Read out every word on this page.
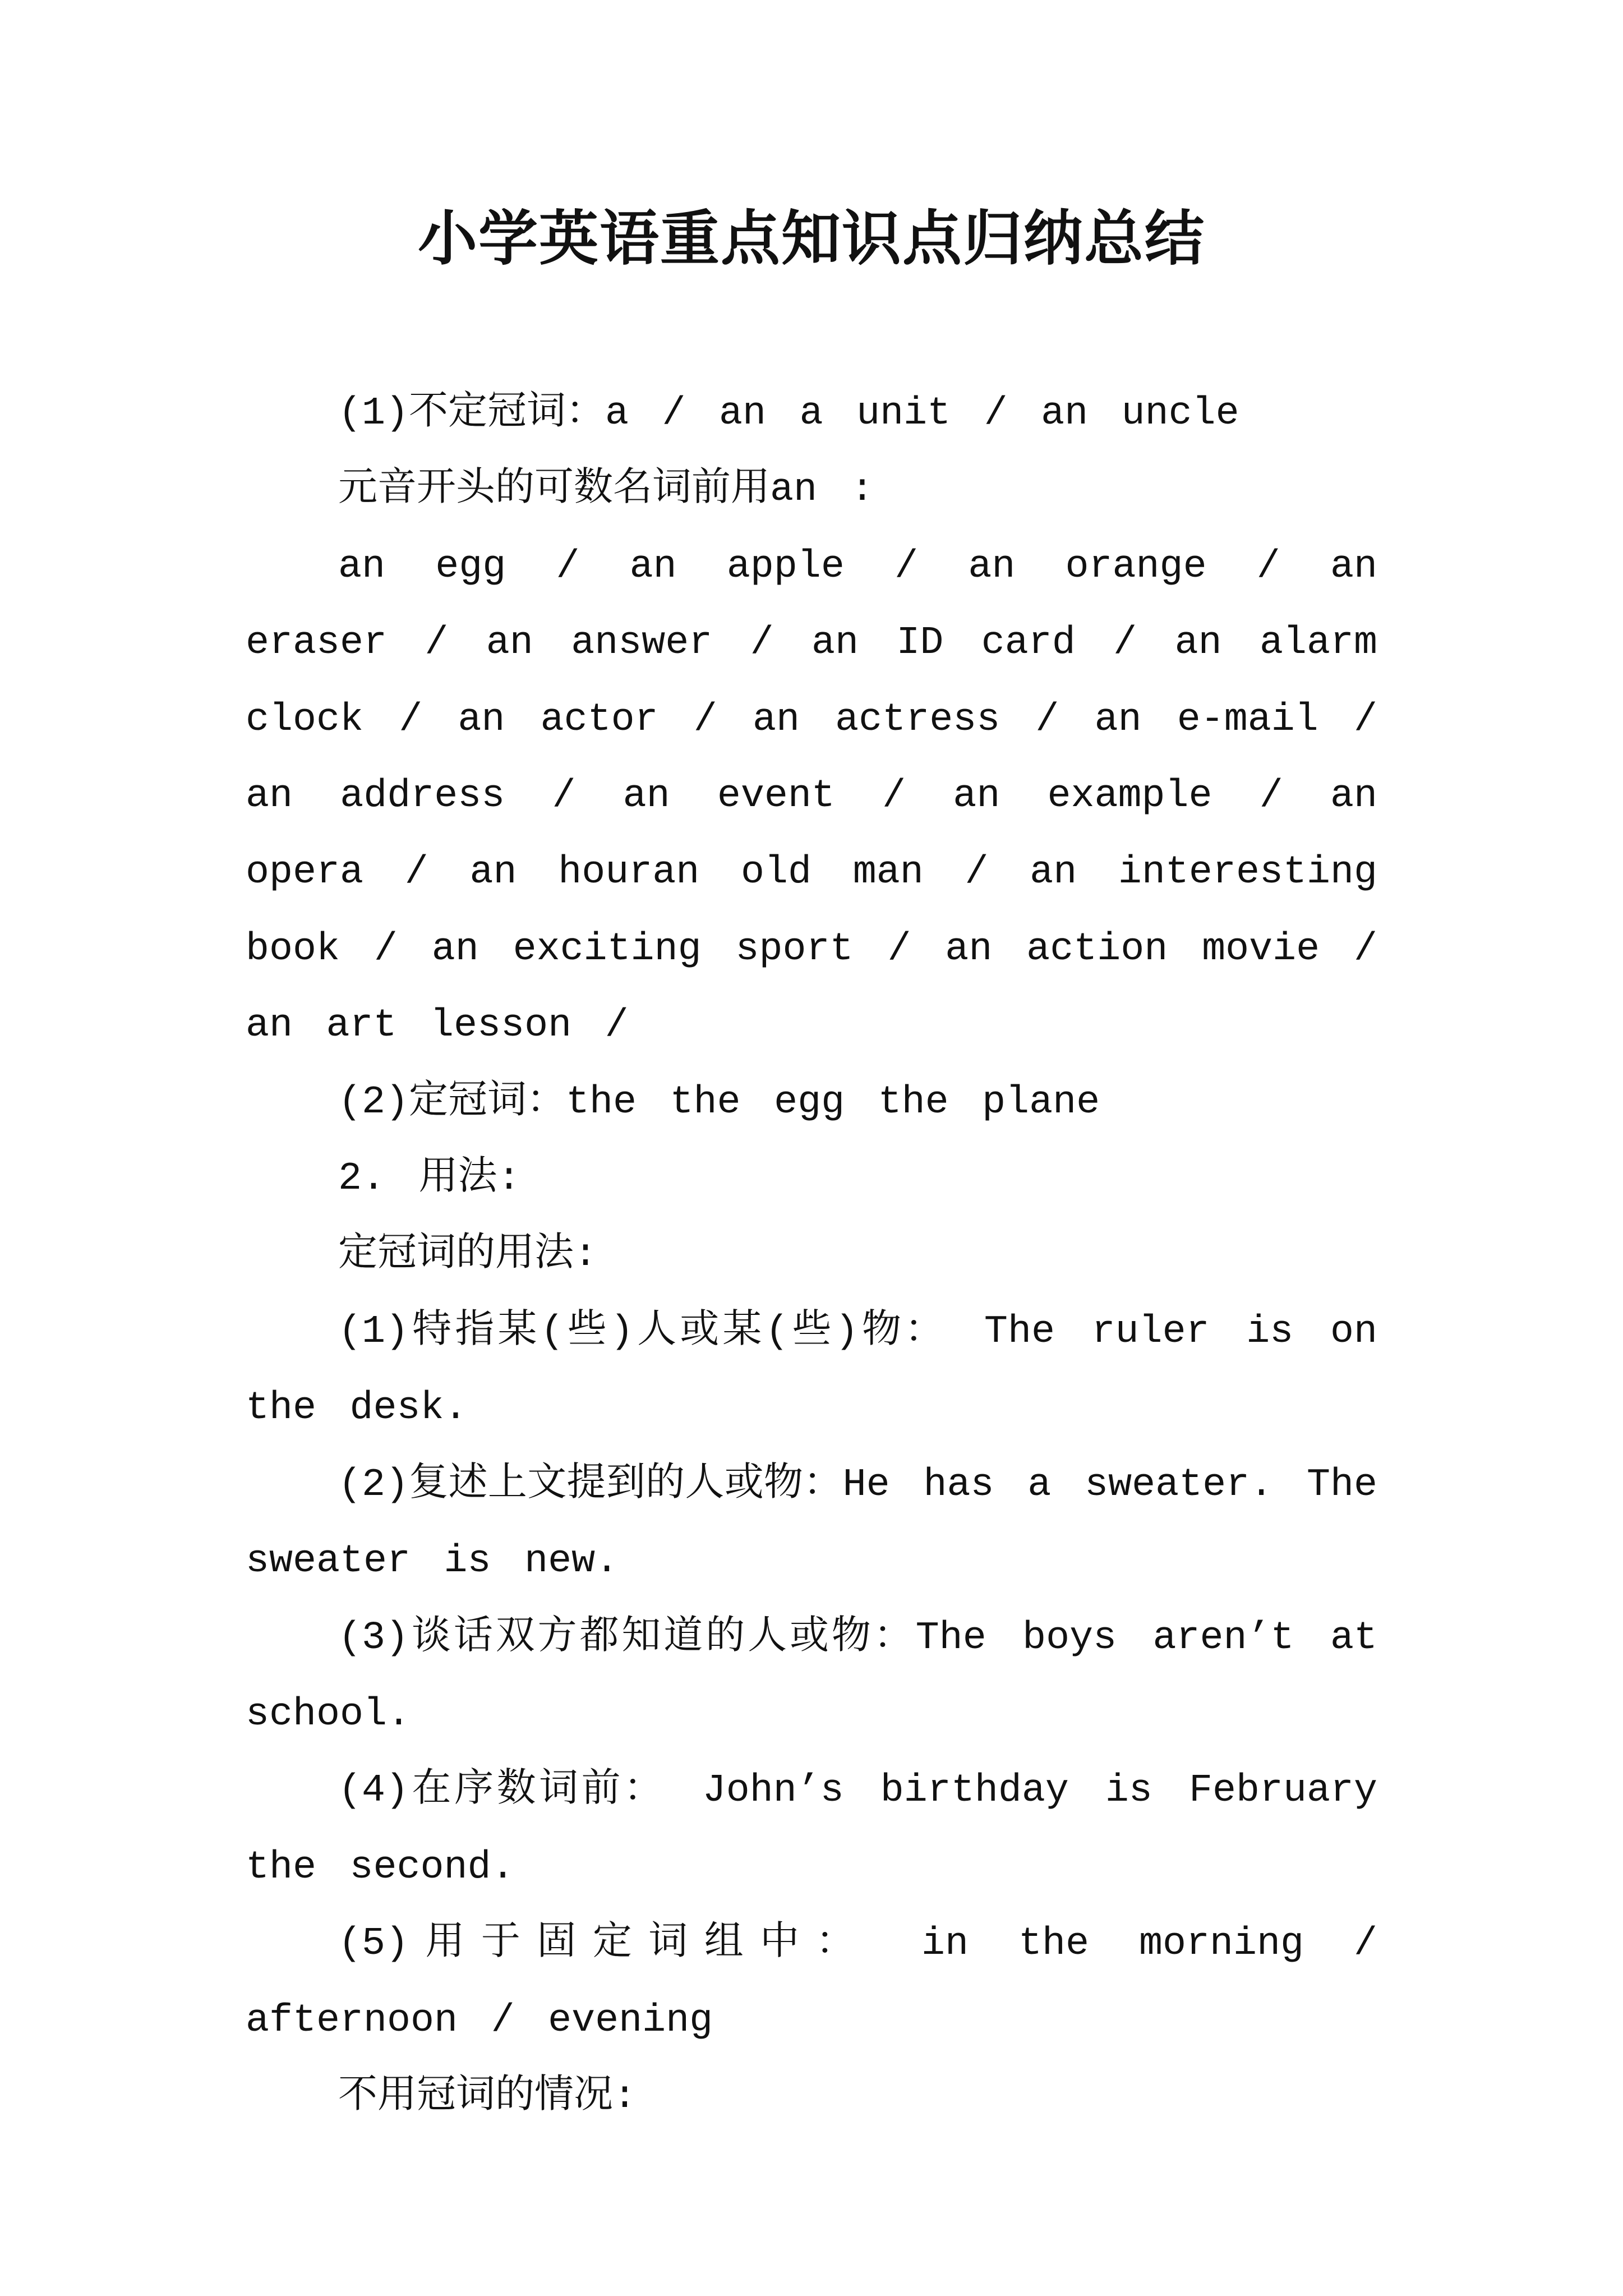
小学英语重点知识点归纳总结

(1)不定冠词：a / an a unit / an uncle

元音开头的可数名词前用an :

an egg / an apple / an orange / an eraser / an answer / an ID card / an alarm clock / an actor / an actress / an e-mail / an address / an event / an example / an opera / an houran old man / an interesting book / an exciting sport / an action movie / an art lesson /

(2)定冠词：the the egg the plane

2. 用法:

定冠词的用法:

(1)特指某(些)人或某(些)物： The ruler is on the desk.

(2)复述上文提到的人或物：He has a sweater. The sweater is new.

(3)谈话双方都知道的人或物：The boys aren’t at school.

(4)在序数词前： John’s birthday is February the second.

(5)用于固定词组中： in the morning / afternoon / evening

不用冠词的情况:
